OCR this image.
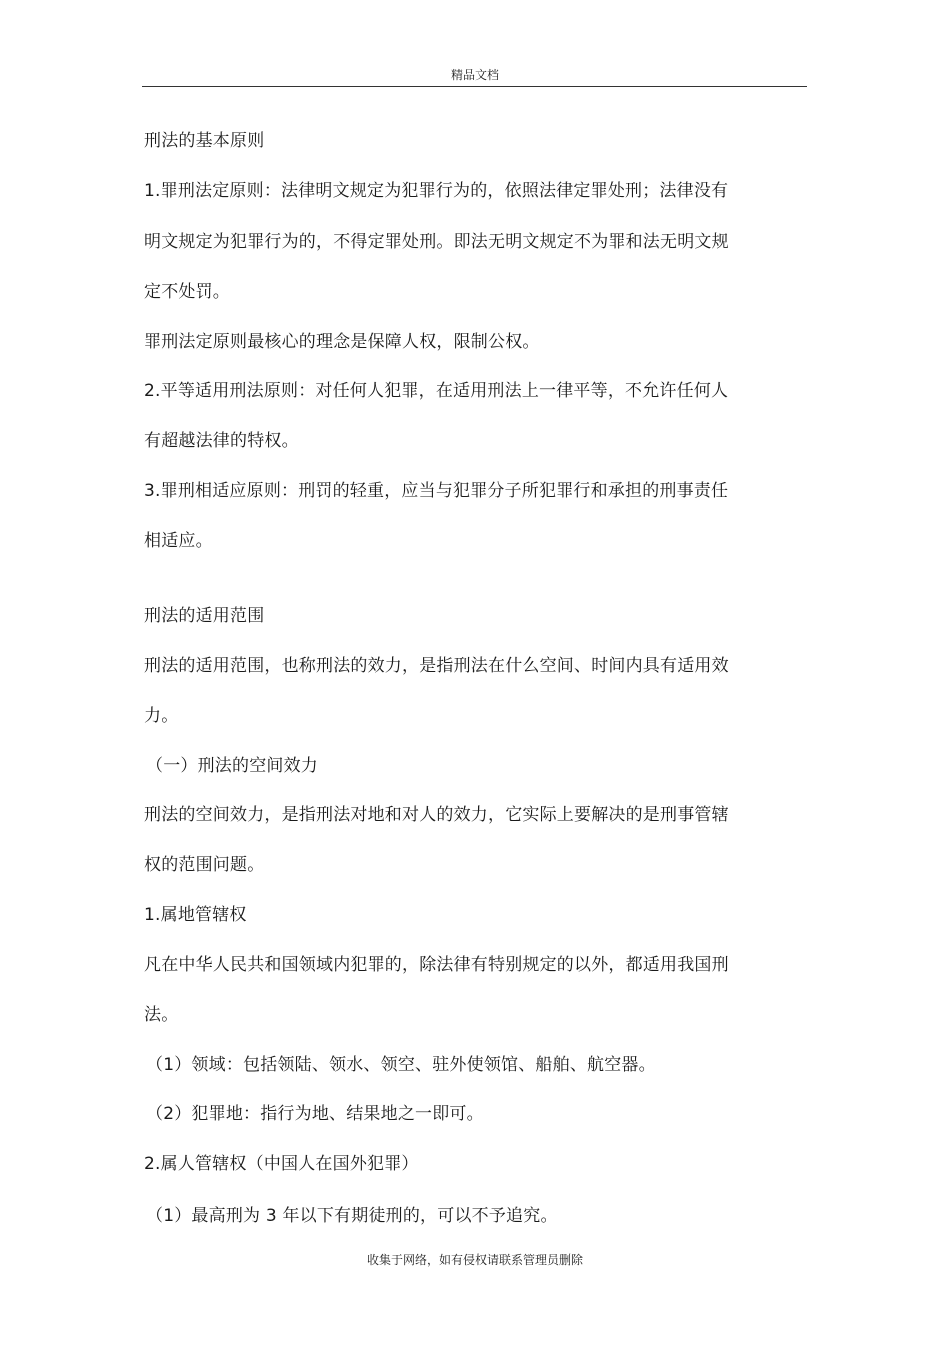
精品文档
刑法的基本原则
1.罪刑法定原则：法律明文规定为犯罪行为的，依照法律定罪处刑；法律没有
明文规定为犯罪行为的，不得定罪处刑。即法无明文规定不为罪和法无明文规
定不处罚。
罪刑法定原则最核心的理念是保障人权，限制公权。
2.平等适用刑法原则：对任何人犯罪，在适用刑法上一律平等，不允许任何人
有超越法律的特权。
3.罪刑相适应原则：刑罚的轻重，应当与犯罪分子所犯罪行和承担的刑事责任
相适应。
刑法的适用范围
刑法的适用范围，也称刑法的效力，是指刑法在什么空间、时间内具有适用效
力。
（一）刑法的空间效力
刑法的空间效力，是指刑法对地和对人的效力，它实际上要解决的是刑事管辖
权的范围问题。
1.属地管辖权
凡在中华人民共和国领域内犯罪的，除法律有特别规定的以外，都适用我国刑
法。
（1）领域：包括领陆、领水、领空、驻外使领馆、船舶、航空器。
（2）犯罪地：指行为地、结果地之一即可。
2.属人管辖权（中国人在国外犯罪）
（1）最高刑为 3 年以下有期徒刑的，可以不予追究。
收集于网络，如有侵权请联系管理员删除
